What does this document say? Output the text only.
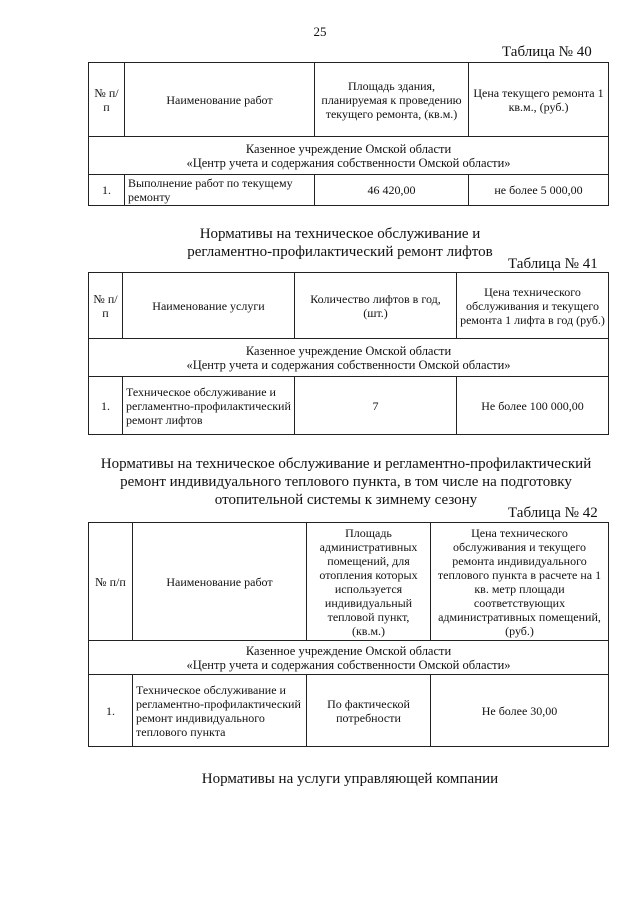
25
Таблица № 40
№ п/п	Наименование работ	Площадь здания, планируемая к проведению текущего ремонта, (кв.м.)	Цена текущего ремонта 1 кв.м., (руб.)

Казенное учреждение Омской области
«Центр учета и содержания собственности Омской области»			

1.	Выполнение работ по текущему ремонту	46 420,00	не более 5 000,00
Нормативы на техническое обслуживание и регламентно-профилактический ремонт лифтов
Таблица № 41
№ п/п	Наименование услуги	Количество лифтов в год, (шт.)	Цена технического обслуживания и текущего ремонта 1 лифта в год (руб.)

Казенное учреждение Омской области
«Центр учета и содержания собственности Омской области»			

1.	Техническое обслуживание и регламентно-профилактический ремонт лифтов	7	Не более 100 000,00
Нормативы на техническое обслуживание и регламентно-профилактический ремонт индивидуального теплового пункта, в том числе на подготовку отопительной системы к зимнему сезону
Таблица № 42
№ п/п	Наименование работ	Площадь административных помещений, для отопления которых используется индивидуальный тепловой пункт, (кв.м.)	Цена технического обслуживания и текущего ремонта индивидуального теплового пункта в расчете на 1 кв. метр площади соответствующих административных помещений, (руб.)

Казенное учреждение Омской области
«Центр учета и содержания собственности Омской области»			

1.	Техническое обслуживание и регламентно-профилактический ремонт индивидуального теплового пункта	По фактической потребности	Не более 30,00
Нормативы на услуги управляющей компании
